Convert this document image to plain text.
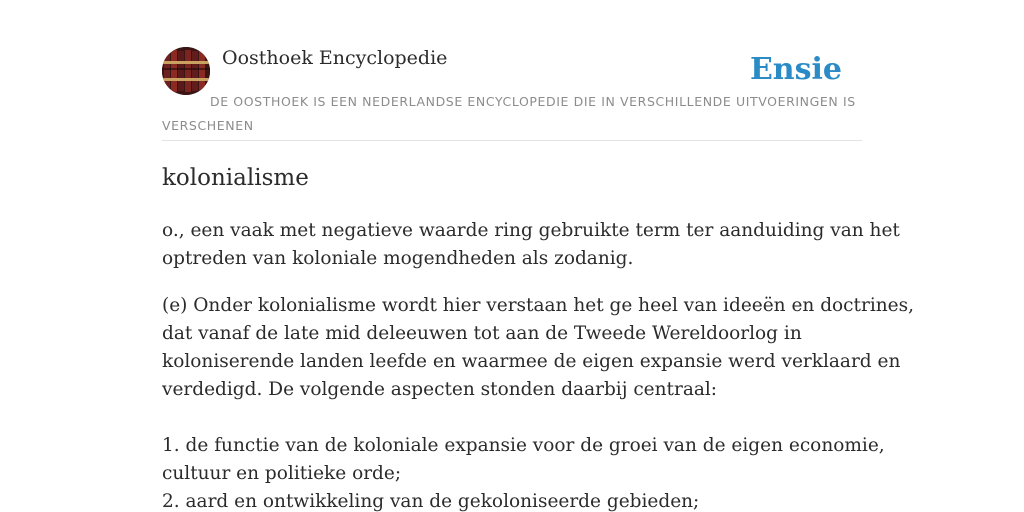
Oosthoek Encyclopedie	Ensie
DE OOSTHOEK IS EEN NEDERLANDSE ENCYCLOPEDIE DIE IN VERSCHILLENDE UITVOERINGEN IS VERSCHENEN
kolonialisme
o., een vaak met negatieve waarde ring gebruikte term ter aanduiding van het
optreden van koloniale mogendheden als zodanig.
(e) Onder kolonialisme wordt hier verstaan het ge heel van ideeën en doctrines,
dat vanaf de late mid deleeuwen tot aan de Tweede Wereldoorlog in
koloniserende landen leefde en waarmee de eigen expansie werd verklaard en
verdedigd. De volgende aspecten stonden daarbij centraal:
1. de functie van de koloniale expansie voor de groei van de eigen economie,
cultuur en politieke orde;
2. aard en ontwikkeling van de gekoloniseerde gebieden;
